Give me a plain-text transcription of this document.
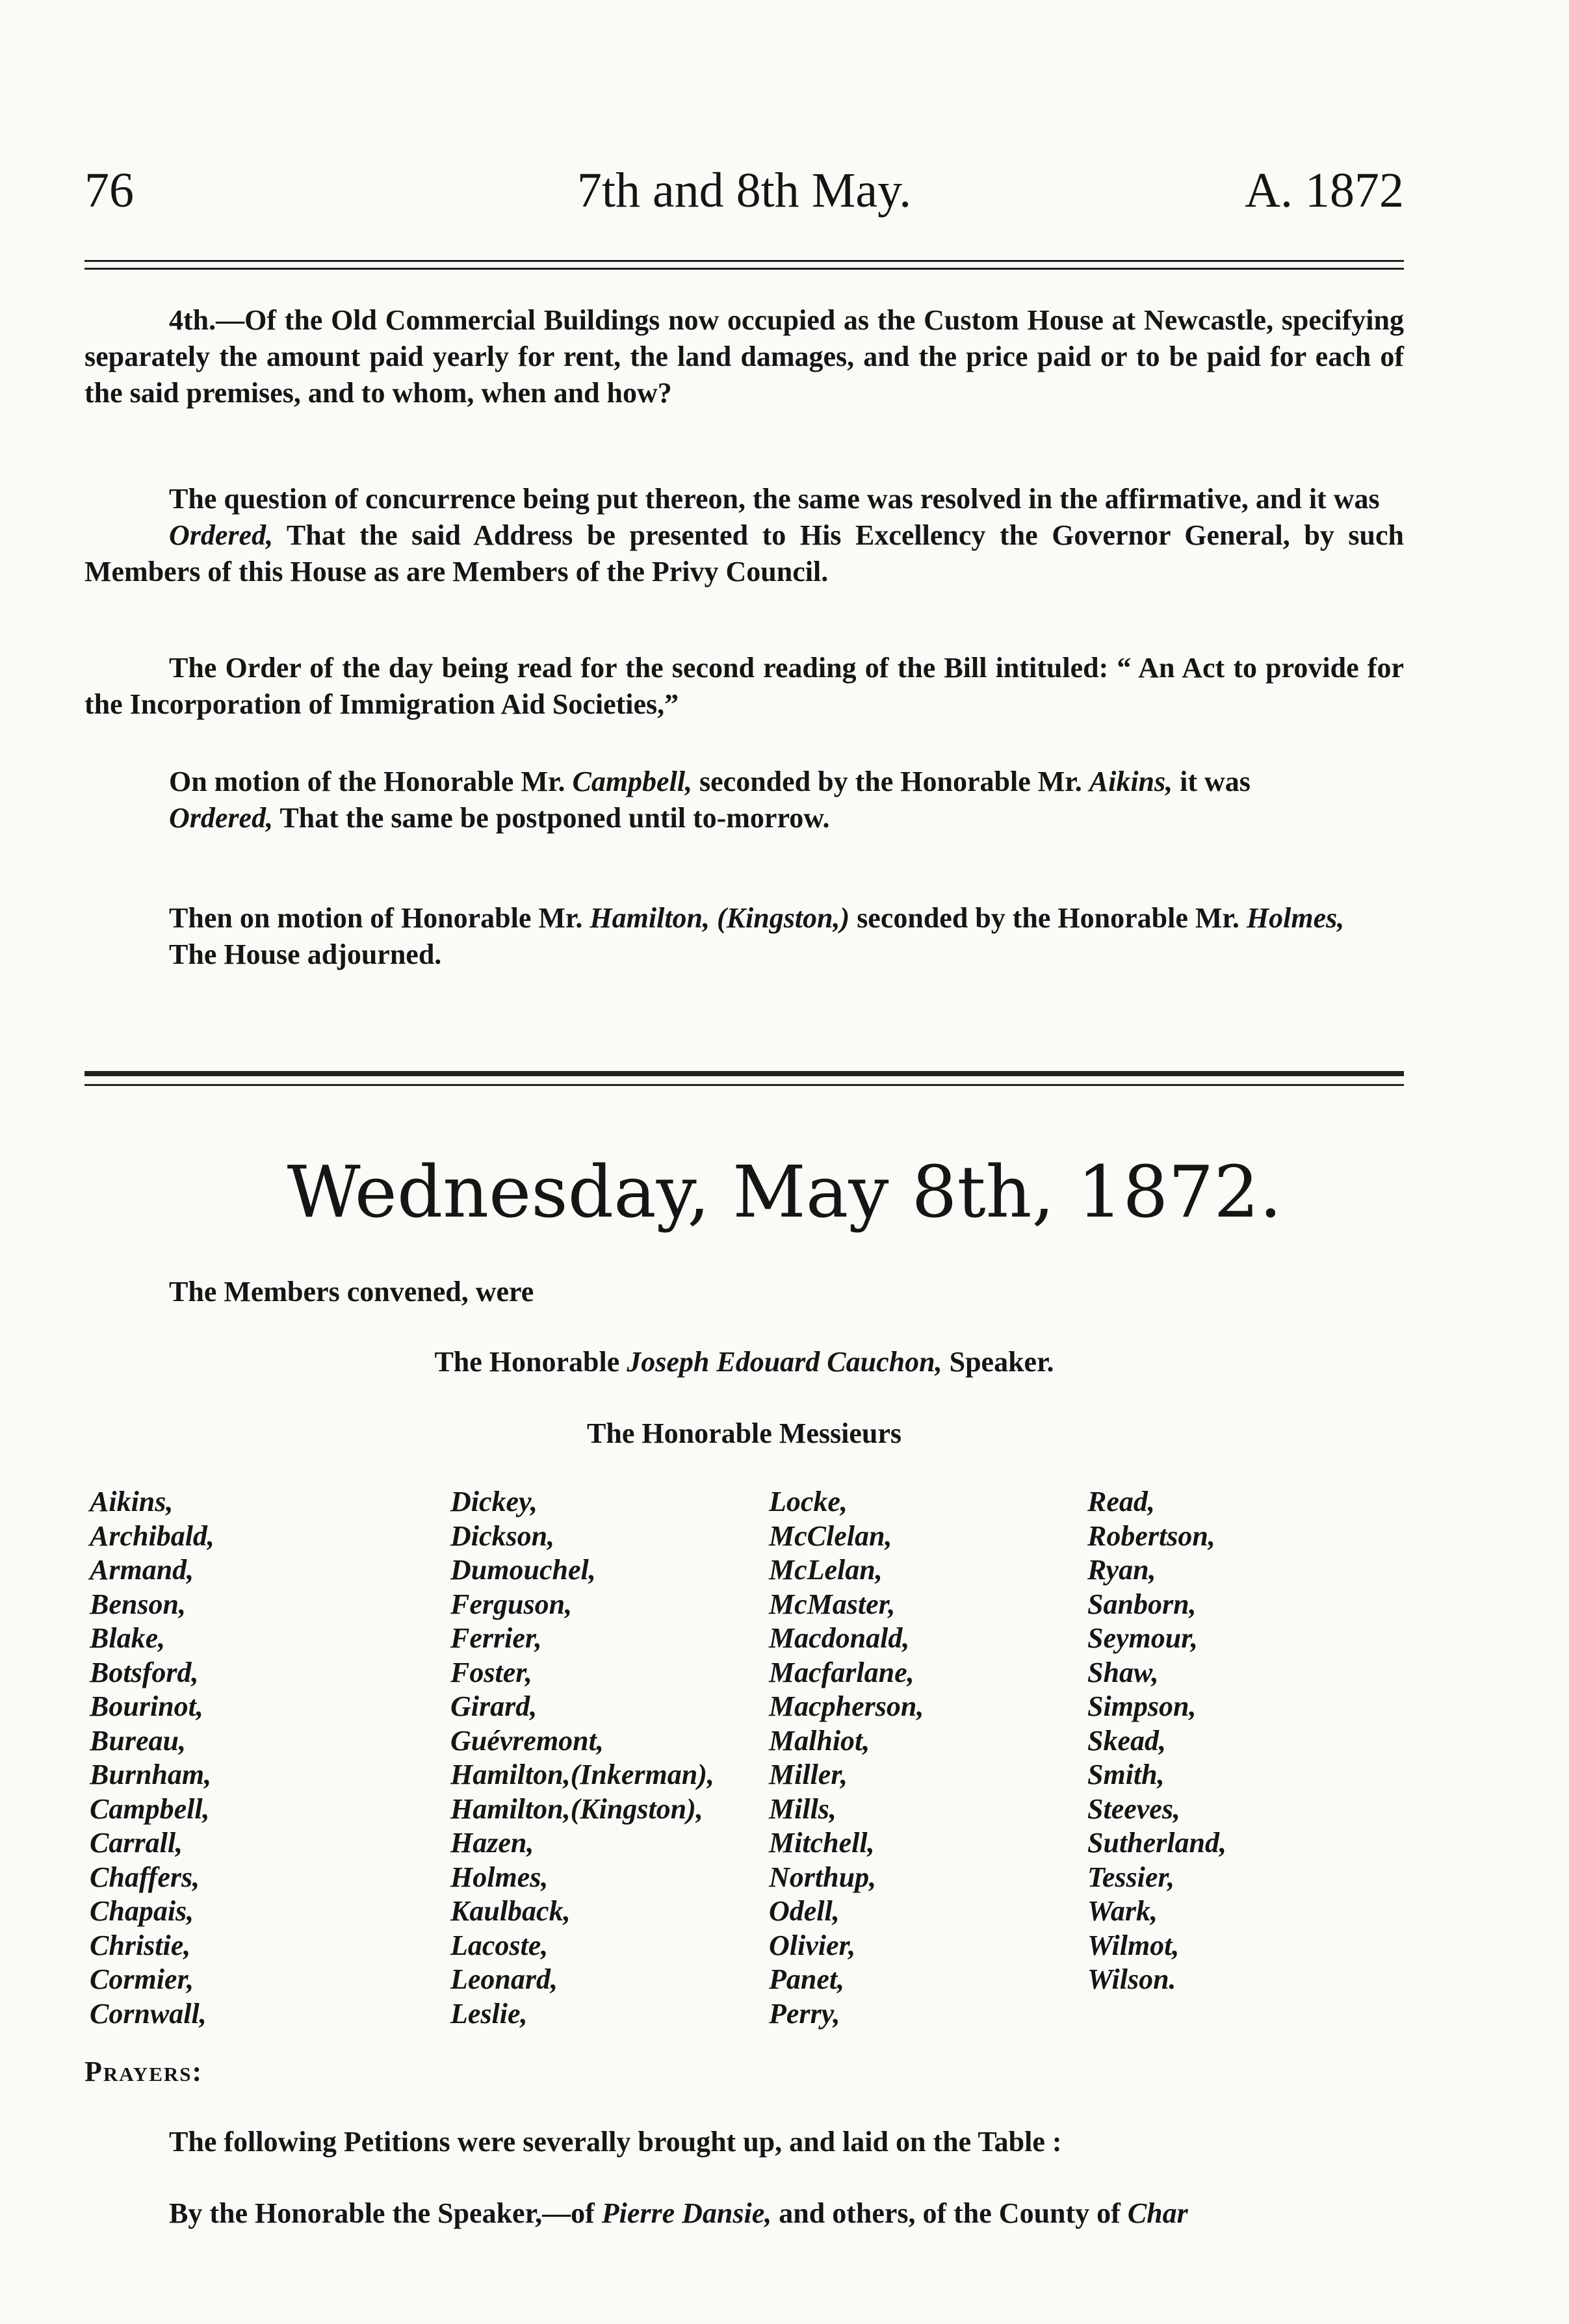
76	7th and 8th May.	A. 1872
4th.—Of the Old Commercial Buildings now occupied as the Custom House at Newcastle, specifying separately the amount paid yearly for rent, the land damages, and the price paid or to be paid for each of the said premises, and to whom, when and how?
The question of concurrence being put thereon, the same was resolved in the affirmative, and it was
Ordered, That the said Address be presented to His Excellency the Governor General, by such Members of this House as are Members of the Privy Council.
The Order of the day being read for the second reading of the Bill intituled: “ An Act to provide for the Incorporation of Immigration Aid Societies,”
On motion of the Honorable Mr. Campbell, seconded by the Honorable Mr. Aikins, it was
Ordered, That the same be postponed until to-morrow.
Then on motion of Honorable Mr. Hamilton, (Kingston,) seconded by the Honorable Mr. Holmes,
The House adjourned.
Wednesday, May 8th, 1872.
The Members convened, were
The Honorable Joseph Edouard Cauchon, Speaker.
The Honorable Messieurs
Aikins,
Archibald,
Armand,
Benson,
Blake,
Botsford,
Bourinot,
Bureau,
Burnham,
Campbell,
Carrall,
Chaffers,
Chapais,
Christie,
Cormier,
Cornwall,
Dickey,
Dickson,
Dumouchel,
Ferguson,
Ferrier,
Foster,
Girard,
Guévremont,
Hamilton,(Inkerman),
Hamilton,(Kingston),
Hazen,
Holmes,
Kaulback,
Lacoste,
Leonard,
Leslie,
Locke,
McClelan,
McLelan,
McMaster,
Macdonald,
Macfarlane,
Macpherson,
Malhiot,
Miller,
Mills,
Mitchell,
Northup,
Odell,
Olivier,
Panet,
Perry,
Read,
Robertson,
Ryan,
Sanborn,
Seymour,
Shaw,
Simpson,
Skead,
Smith,
Steeves,
Sutherland,
Tessier,
Wark,
Wilmot,
Wilson.
Prayers:
The following Petitions were severally brought up, and laid on the Table :
By the Honorable the Speaker,—of Pierre Dansie, and others, of the County of Char
